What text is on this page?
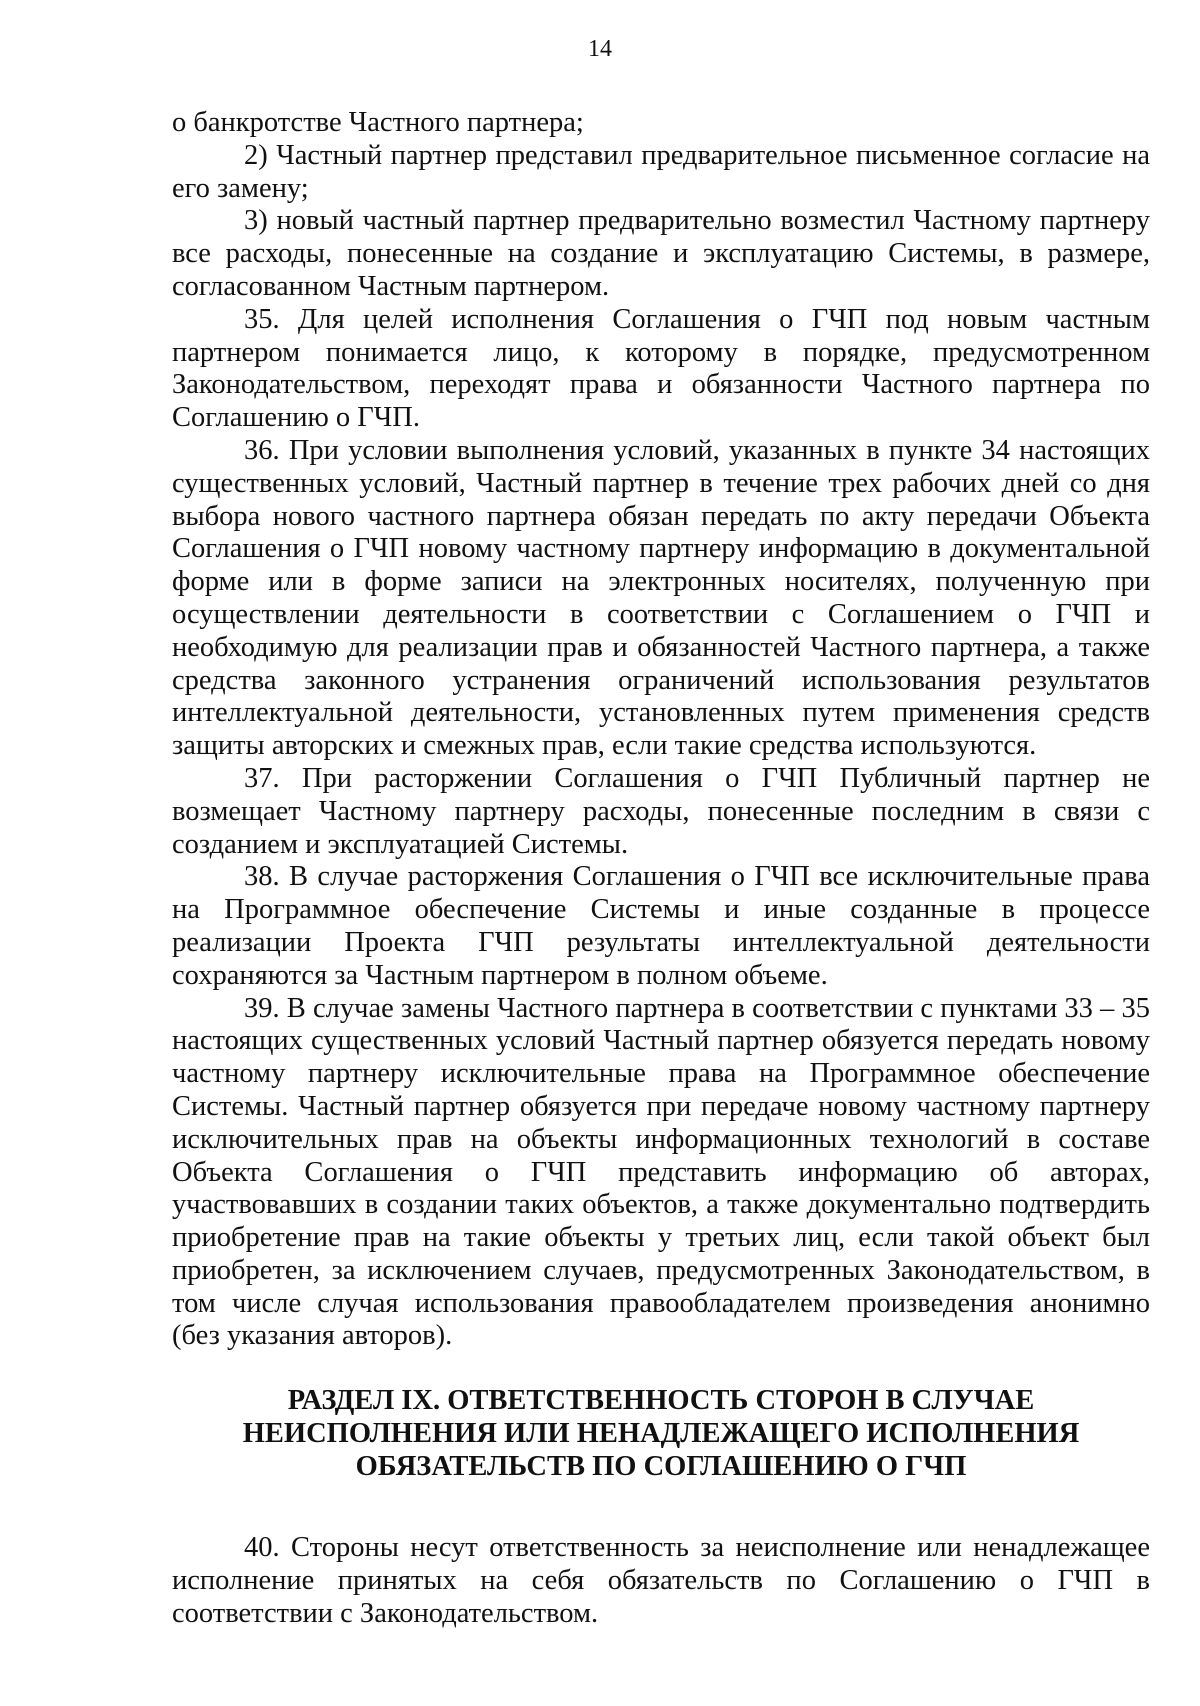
14

о банкротстве Частного партнера;

2) Частный партнер представил предварительное письменное согласие на его замену;

3) новый частный партнер предварительно возместил Частному партнеру все расходы, понесенные на создание и эксплуатацию Системы, в размере, согласованном Частным партнером.

35. Для целей исполнения Соглашения о ГЧП под новым частным партнером понимается лицо, к которому в порядке, предусмотренном Законодательством, переходят права и обязанности Частного партнера по Соглашению о ГЧП.

36. При условии выполнения условий, указанных в пункте 34 настоящих существенных условий, Частный партнер в течение трех рабочих дней со дня выбора нового частного партнера обязан передать по акту передачи Объекта Соглашения о ГЧП новому частному партнеру информацию в документальной форме или в форме записи на электронных носителях, полученную при осуществлении деятельности в соответствии с Соглашением о ГЧП и необходимую для реализации прав и обязанностей Частного партнера, а также средства законного устранения ограничений использования результатов интеллектуальной деятельности, установленных путем применения средств защиты авторских и смежных прав, если такие средства используются.

37. При расторжении Соглашения о ГЧП Публичный партнер не возмещает Частному партнеру расходы, понесенные последним в связи с созданием и эксплуатацией Системы.

38. В случае расторжения Соглашения о ГЧП все исключительные права на Программное обеспечение Системы и иные созданные в процессе реализации Проекта ГЧП результаты интеллектуальной деятельности сохраняются за Частным партнером в полном объеме.

39. В случае замены Частного партнера в соответствии с пунктами 33 – 35 настоящих существенных условий Частный партнер обязуется передать новому частному партнеру исключительные права на Программное обеспечение Системы. Частный партнер обязуется при передаче новому частному партнеру исключительных прав на объекты информационных технологий в составе Объекта Соглашения о ГЧП представить информацию об авторах, участвовавших в создании таких объектов, а также документально подтвердить приобретение прав на такие объекты у третьих лиц, если такой объект был приобретен, за исключением случаев, предусмотренных Законодательством, в том числе случая использования правообладателем произведения анонимно (без указания авторов).

РАЗДЕЛ IX. ОТВЕТСТВЕННОСТЬ СТОРОН В СЛУЧАЕ
НЕИСПОЛНЕНИЯ ИЛИ НЕНАДЛЕЖАЩЕГО ИСПОЛНЕНИЯ
ОБЯЗАТЕЛЬСТВ ПО СОГЛАШЕНИЮ О ГЧП

40. Стороны несут ответственность за неисполнение или ненадлежащее исполнение принятых на себя обязательств по Соглашению о ГЧП в соответствии с Законодательством.
